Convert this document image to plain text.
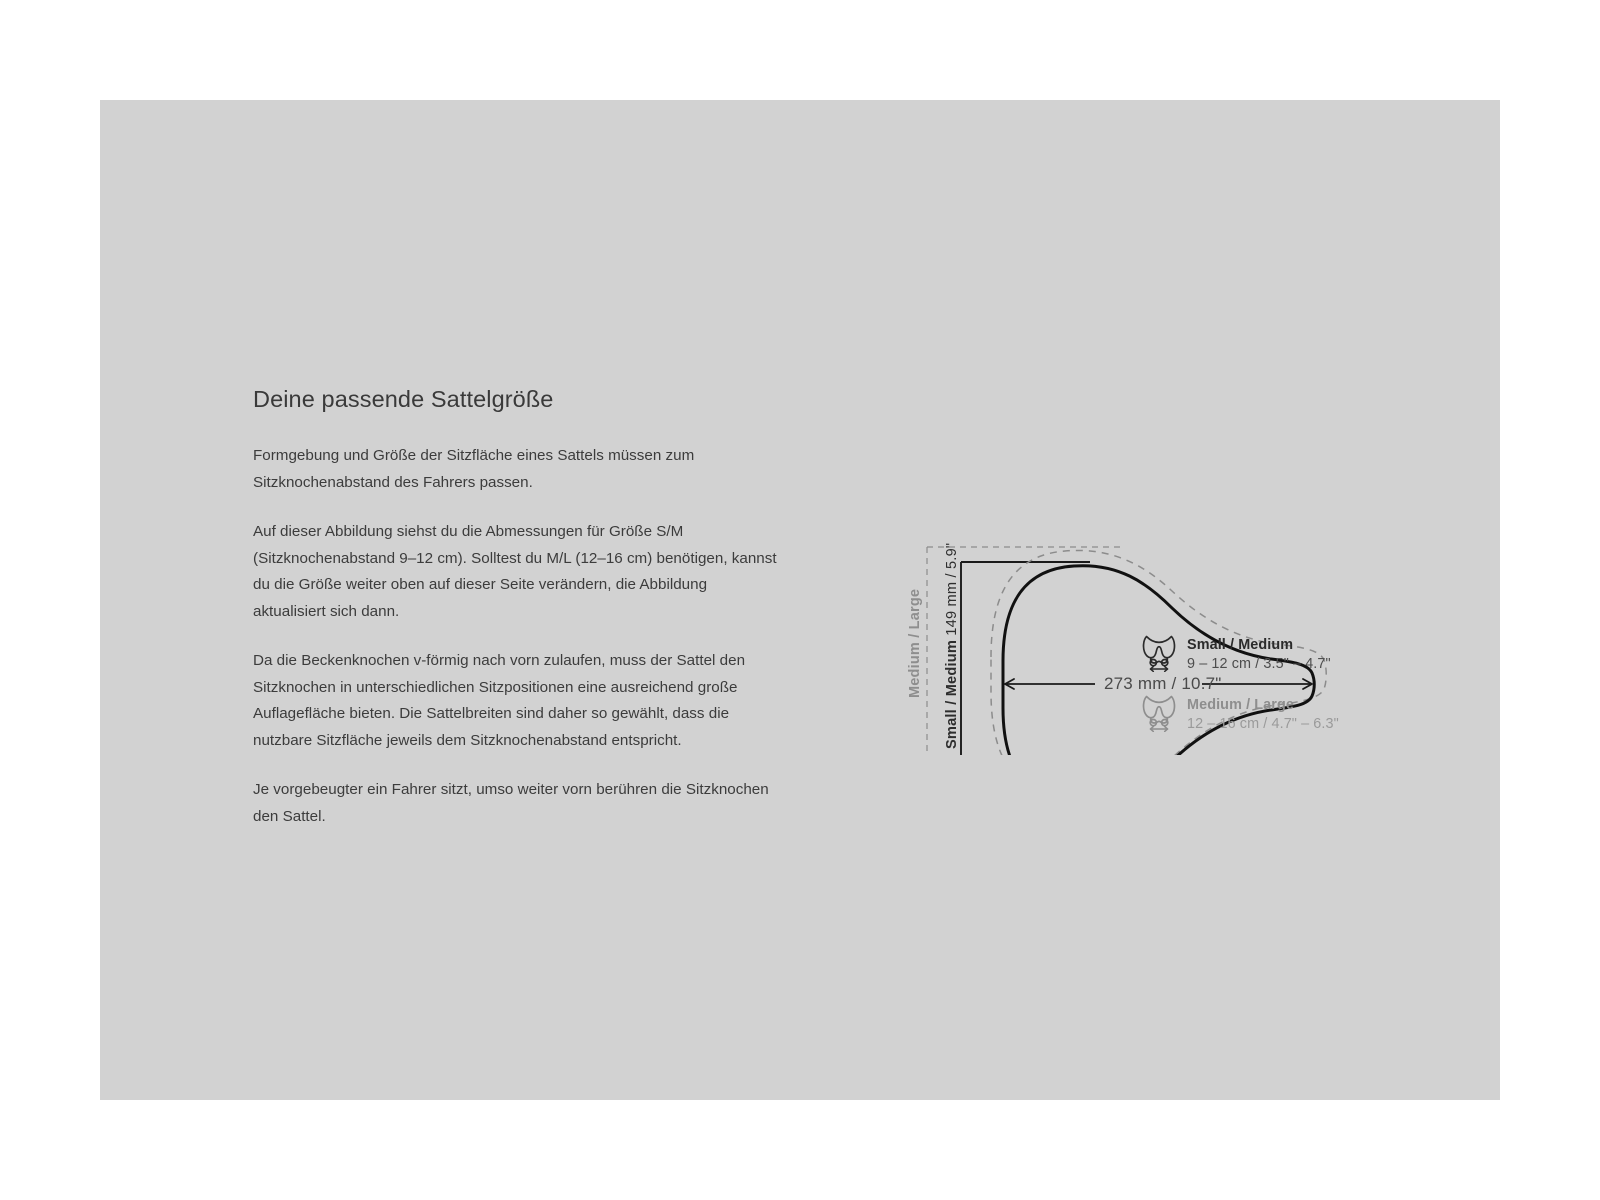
Deine passende Sattelgröße

Formgebung und Größe der Sitzfläche eines Sattels müssen zum Sitzknochenabstand des Fahrers passen.

Auf dieser Abbildung siehst du die Abmessungen für Größe S/M (Sitzknochenabstand 9–12 cm). Solltest du M/L (12–16 cm) benötigen, kannst du die Größe weiter oben auf dieser Seite verändern, die Abbildung aktualisiert sich dann.

Da die Beckenknochen v-förmig nach vorn zulaufen, muss der Sattel den Sitzknochen in unterschiedlichen Sitzpositionen eine ausreichend große Auflagefläche bieten. Die Sattelbreiten sind daher so gewählt, dass die nutzbare Sitzfläche jeweils dem Sitzknochenabstand entspricht.

Je vorgebeugter ein Fahrer sitzt, umso weiter vorn berühren die Sitzknochen den Sattel.

Medium / Large Small / Medium 149 mm / 5.9"
273 mm / 10.7"
Small / Medium
9 – 12 cm / 3.5" – 4.7"
Medium / Large
12 – 16 cm / 4.7" – 6.3"
